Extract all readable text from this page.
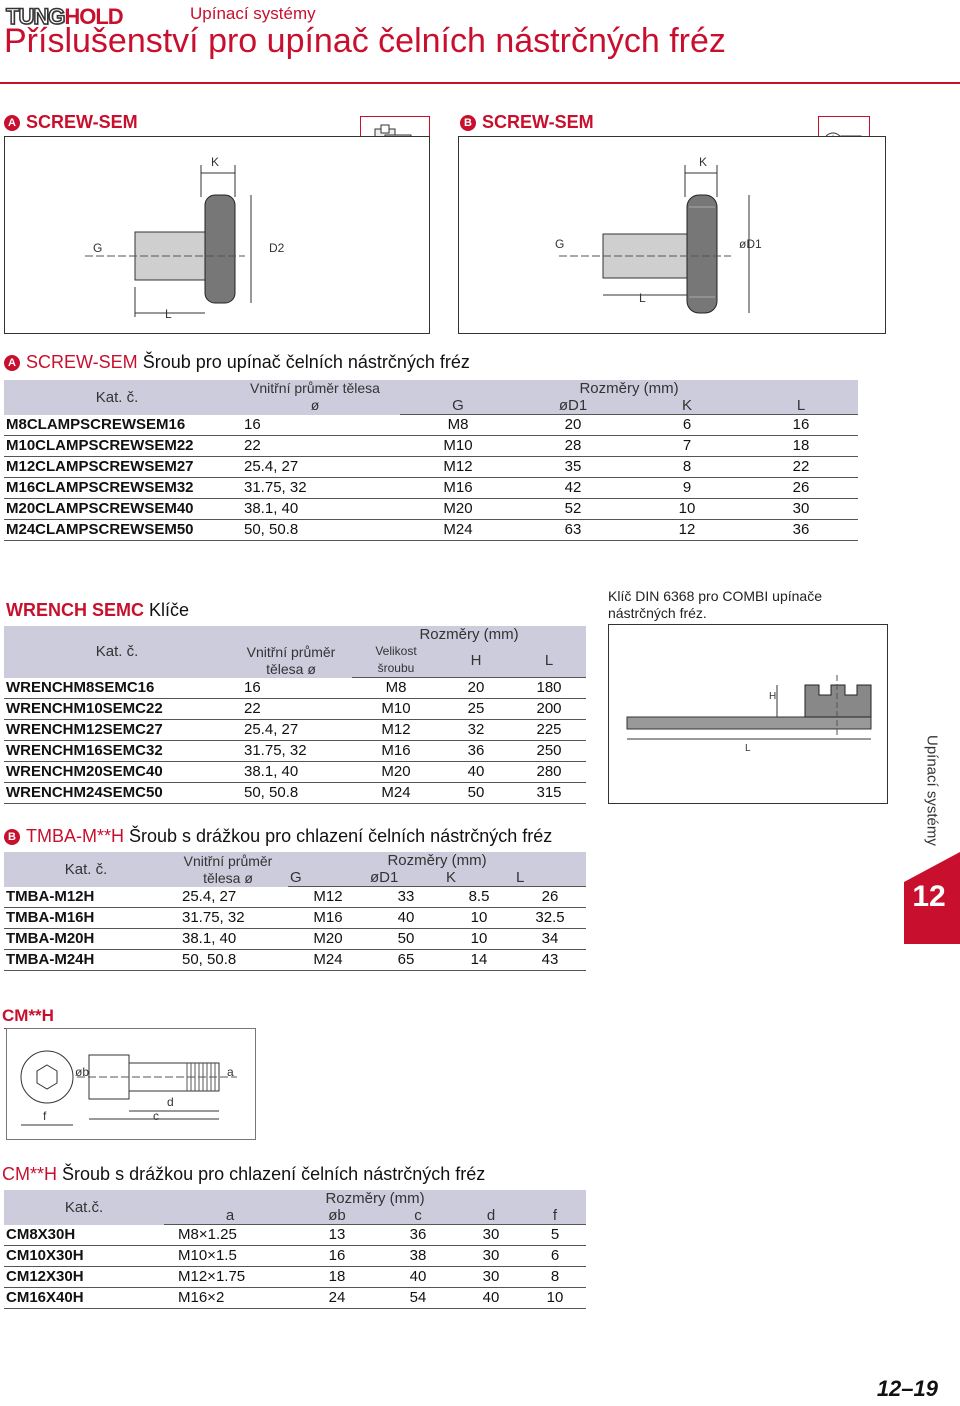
TUNGHOLD	Upínací systémy
Příslušenství pro upínač čelních nástrčných fréz
A SCREW-SEM
K
G	D2
L
B SCREW-SEM
K
G	øD1
L
A SCREW-SEM Šroub pro upínač čelních nástrčných fréz
Kat. č.	Vnitřní průměr tělesa
ø	Rozměry (mm)			
		G	øD1	K	L
M8CLAMPSCREWSEM16	16	M8	20	6	16
M10CLAMPSCREWSEM22	22	M10	28	7	18
M12CLAMPSCREWSEM27	25.4, 27	M12	35	8	22
M16CLAMPSCREWSEM32	31.75, 32	M16	42	9	26
M20CLAMPSCREWSEM40	38.1, 40	M20	52	10	30
M24CLAMPSCREWSEM50	50, 50.8	M24	63	12	36
WRENCH SEMC Klíče
Kat. č.	Vnitřní průměr
tělesa ø	Rozměry (mm)		
		Velikost
šroubu	H	L
WRENCHM8SEMC16	16	M8	20	180
WRENCHM10SEMC22	22	M10	25	200
WRENCHM12SEMC27	25.4, 27	M12	32	225
WRENCHM16SEMC32	31.75, 32	M16	36	250
WRENCHM20SEMC40	38.1, 40	M20	40	280
WRENCHM24SEMC50	50, 50.8	M24	50	315
Klíč DIN 6368 pro COMBI upínače nástrčných fréz.
H
L
B TMBA-M**H Šroub s drážkou pro chlazení čelních nástrčných fréz
Kat. č.	Vnitřní průměr
tělesa ø	Rozměry (mm)			
		G	øD1	K	L
TMBA-M12H	25.4, 27	M12	33	8.5	26
TMBA-M16H	31.75, 32	M16	40	10	32.5
TMBA-M20H	38.1, 40	M20	50	10	34
TMBA-M24H	50, 50.8	M24	65	14	43
CM**H
øb	a
f	c
d
CM**H Šroub s drážkou pro chlazení čelních nástrčných fréz
Kat.č.	Rozměry (mm)				
	a	øb	c	d	f
CM8X30H	M8×1.25	13	36	30	5
CM10X30H	M10×1.5	16	38	30	6
CM12X30H	M12×1.75	18	40	30	8
CM16X40H	M16×2	24	54	40	10
Upínací systémy
12
12–19
